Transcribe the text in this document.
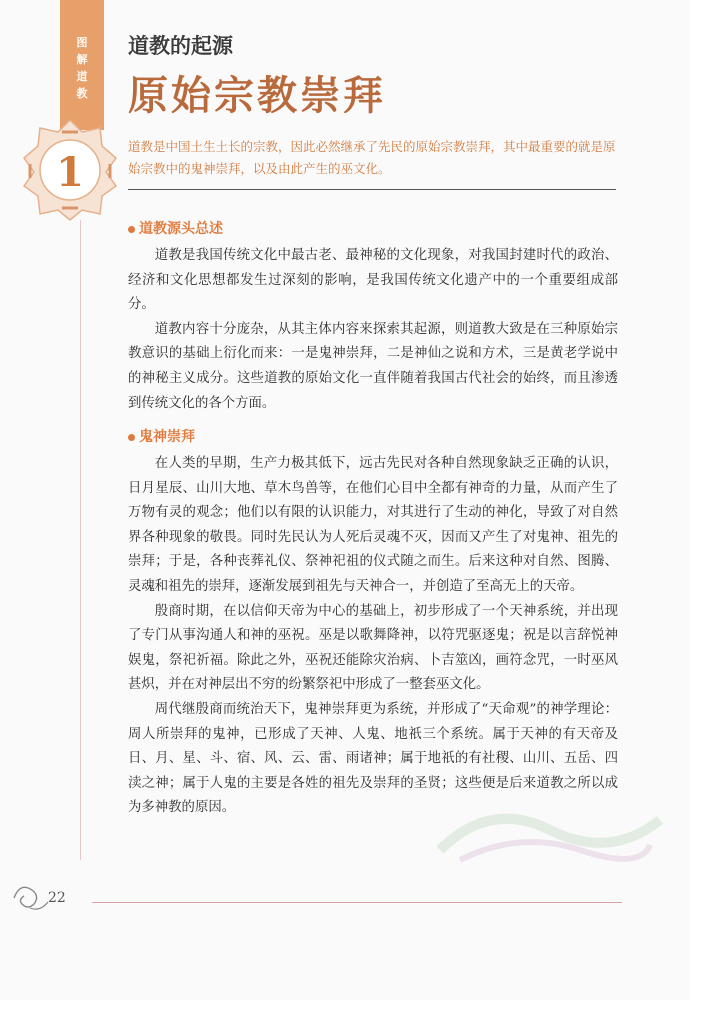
图
解
道
教
1
道教的起源
原始宗教崇拜
道教是中国土生土长的宗教，因此必然继承了先民的原始宗教崇拜，其中最重要的就是原始宗教中的鬼神崇拜，以及由此产生的巫文化。
道教源头总述

道教是我国传统文化中最古老、最神秘的文化现象，对我国封建时代的政治、经济和文化思想都发生过深刻的影响，是我国传统文化遗产中的一个重要组成部分。

道教内容十分庞杂，从其主体内容来探索其起源，则道教大致是在三种原始宗教意识的基础上衍化而来：一是鬼神崇拜，二是神仙之说和方术，三是黄老学说中的神秘主义成分。这些道教的原始文化一直伴随着我国古代社会的始终，而且渗透到传统文化的各个方面。

鬼神崇拜

在人类的早期，生产力极其低下，远古先民对各种自然现象缺乏正确的认识，日月星辰、山川大地、草木鸟兽等，在他们心目中全都有神奇的力量，从而产生了万物有灵的观念；他们以有限的认识能力，对其进行了生动的神化，导致了对自然界各种现象的敬畏。同时先民认为人死后灵魂不灭，因而又产生了对鬼神、祖先的崇拜；于是，各种丧葬礼仪、祭神祀祖的仪式随之而生。后来这种对自然、图腾、灵魂和祖先的崇拜，逐渐发展到祖先与天神合一，并创造了至高无上的天帝。

殷商时期，在以信仰天帝为中心的基础上，初步形成了一个天神系统，并出现了专门从事沟通人和神的巫祝。巫是以歌舞降神，以符咒驱逐鬼；祝是以言辞悦神娱鬼，祭祀祈福。除此之外，巫祝还能除灾治病、卜吉筮凶，画符念咒，一时巫风甚炽，并在对神层出不穷的纷繁祭祀中形成了一整套巫文化。

周代继殷商而统治天下，鬼神崇拜更为系统，并形成了“天命观”的神学理论：周人所崇拜的鬼神，已形成了天神、人鬼、地祇三个系统。属于天神的有天帝及日、月、星、斗、宿、风、云、雷、雨诸神；属于地祇的有社稷、山川、五岳、四渎之神；属于人鬼的主要是各姓的祖先及崇拜的圣贤；这些便是后来道教之所以成为多神教的原因。

22
